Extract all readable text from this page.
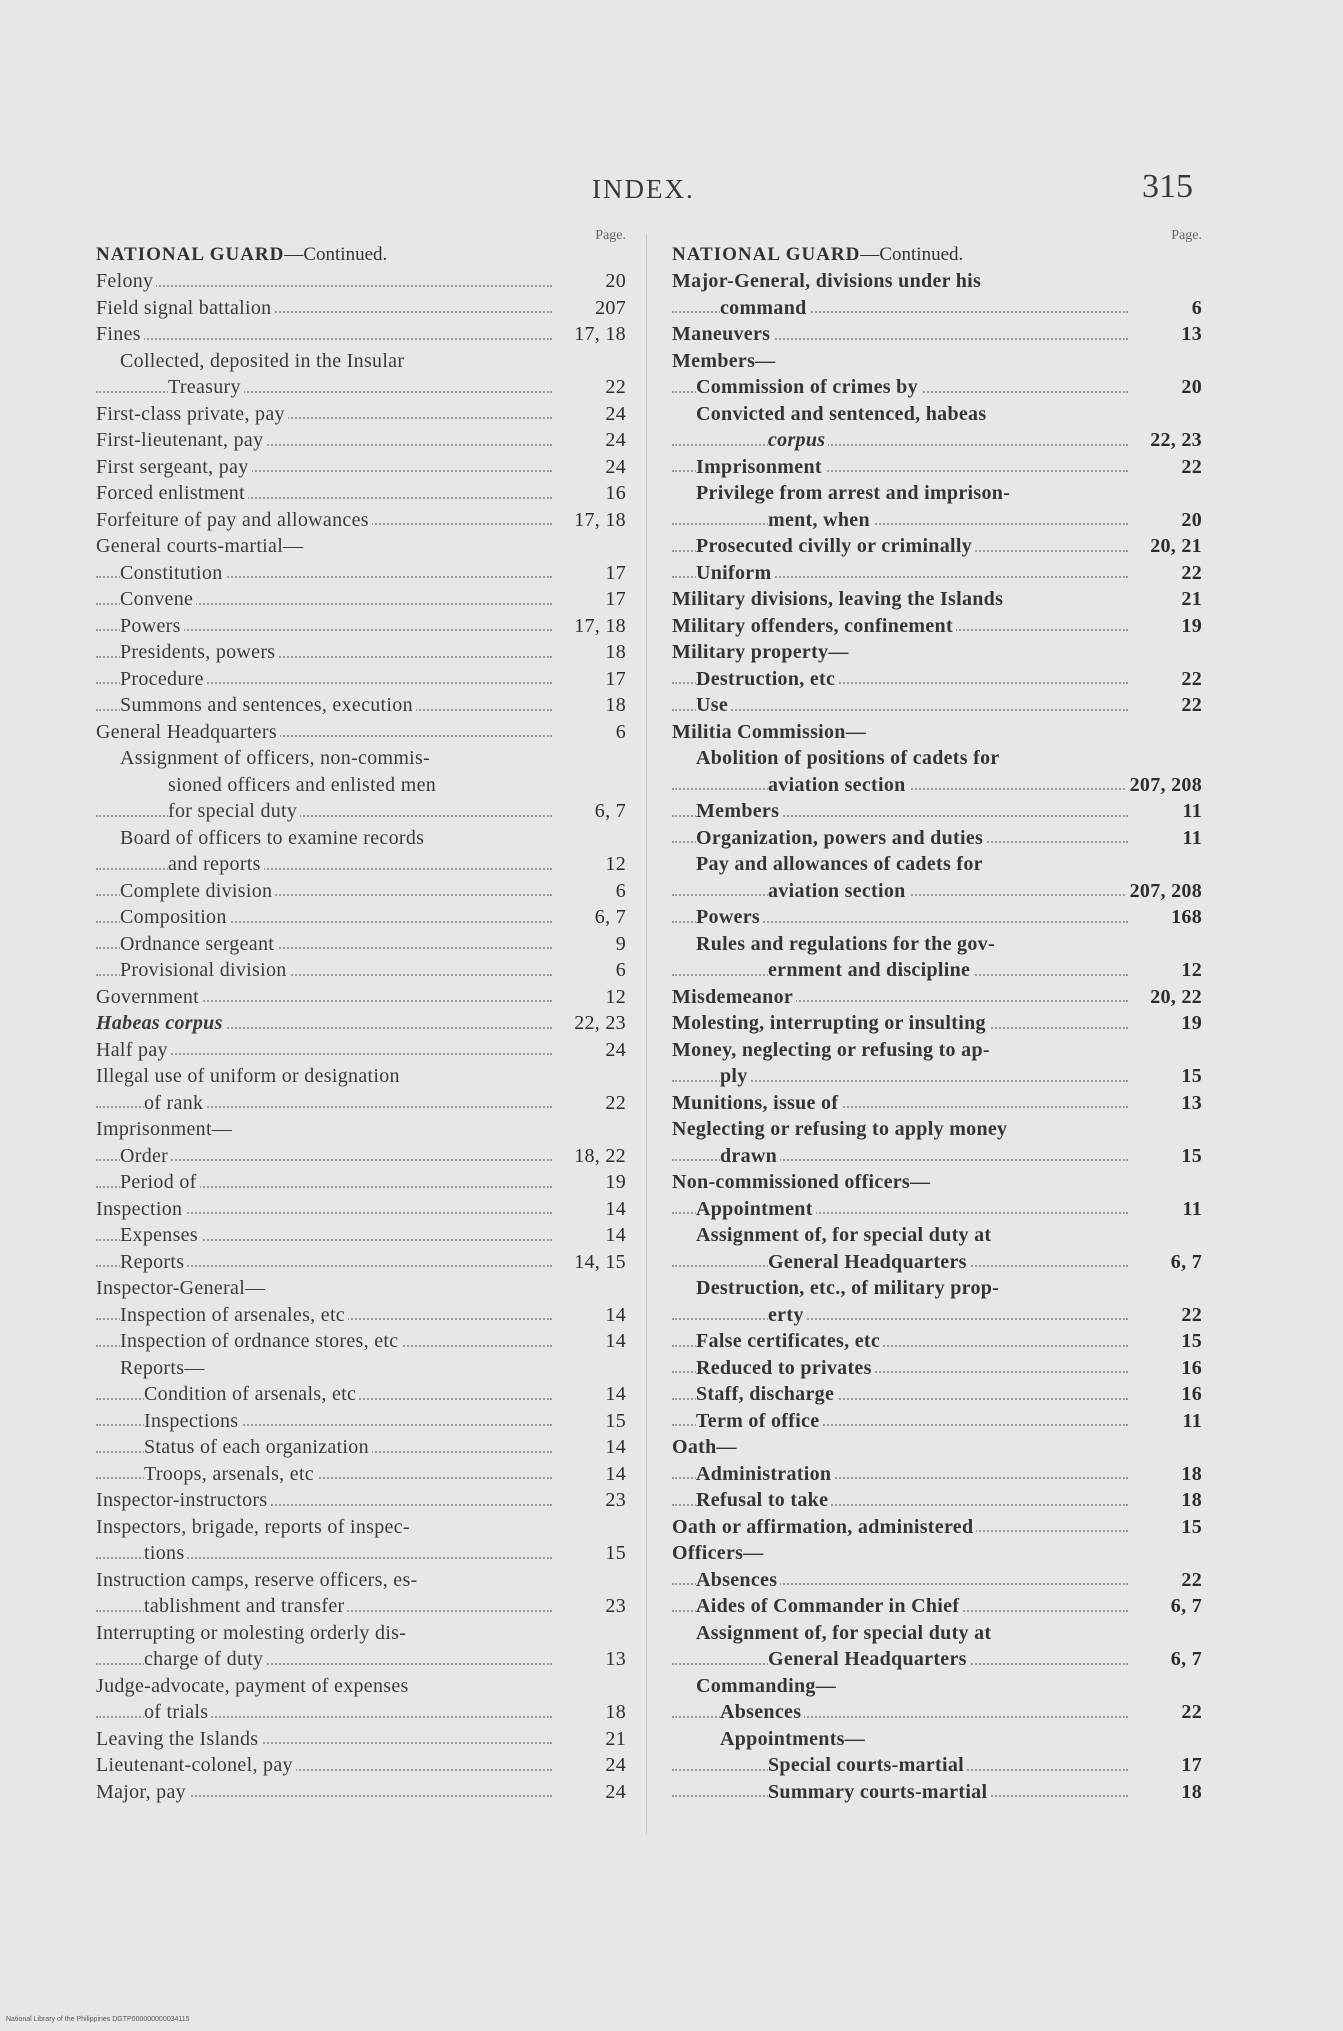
INDEX.	315
NATIONAL GUARD—Continued.
Page.
Felony	20
Field signal battalion	207
Fines	17, 18
Collected, deposited in the Insular
Treasury	22
First-class private, pay	24
First-lieutenant, pay	24
First sergeant, pay	24
Forced enlistment	16
Forfeiture of pay and allowances	17, 18
General courts-martial—
Constitution	17
Convene	17
Powers	17, 18
Presidents, powers	18
Procedure	17
Summons and sentences, execution	18
General Headquarters	6
Assignment of officers, non-commis-
sioned officers and enlisted men
for special duty	6, 7
Board of officers to examine records
and reports	12
Complete division	6
Composition	6, 7
Ordnance sergeant	9
Provisional division	6
Government	12
Habeas corpus	22, 23
Half pay	24
Illegal use of uniform or designation
of rank	22
Imprisonment—
Order	18, 22
Period of	19
Inspection	14
Expenses	14
Reports	14, 15
Inspector-General—
Inspection of arsenales, etc	14
Inspection of ordnance stores, etc	14
Reports—
Condition of arsenals, etc	14
Inspections	15
Status of each organization	14
Troops, arsenals, etc	14
Inspector-instructors	23
Inspectors, brigade, reports of inspec-
tions	15
Instruction camps, reserve officers, es-
tablishment and transfer	23
Interrupting or molesting orderly dis-
charge of duty	13
Judge-advocate, payment of expenses
of trials	18
Leaving the Islands	21
Lieutenant-colonel, pay	24
Major, pay	24
NATIONAL GUARD—Continued.
Page.
Major-General, divisions under his
command	6
Maneuvers	13
Members—
Commission of crimes by	20
Convicted and sentenced, habeas
corpus	22, 23
Imprisonment	22
Privilege from arrest and imprison-
ment, when	20
Prosecuted civilly or criminally	20, 21
Uniform	22
Military divisions, leaving the Islands	21
Military offenders, confinement	19
Military property—
Destruction, etc	22
Use	22
Militia Commission—
Abolition of positions of cadets for
aviation section	207, 208
Members	11
Organization, powers and duties	11
Pay and allowances of cadets for
aviation section	207, 208
Powers	168
Rules and regulations for the gov-
ernment and discipline	12
Misdemeanor	20, 22
Molesting, interrupting or insulting	19
Money, neglecting or refusing to ap-
ply	15
Munitions, issue of	13
Neglecting or refusing to apply money
drawn	15
Non-commissioned officers—
Appointment	11
Assignment of, for special duty at
General Headquarters	6, 7
Destruction, etc., of military prop-
erty	22
False certificates, etc	15
Reduced to privates	16
Staff, discharge	16
Term of office	11
Oath—
Administration	18
Refusal to take	18
Oath or affirmation, administered	15
Officers—
Absences	22
Aides of Commander in Chief	6, 7
Assignment of, for special duty at
General Headquarters	6, 7
Commanding—
Absences	22
Appointments—
Special courts-martial	17
Summary courts-martial	18
National Library of the Philippines DGTP000000000034115
